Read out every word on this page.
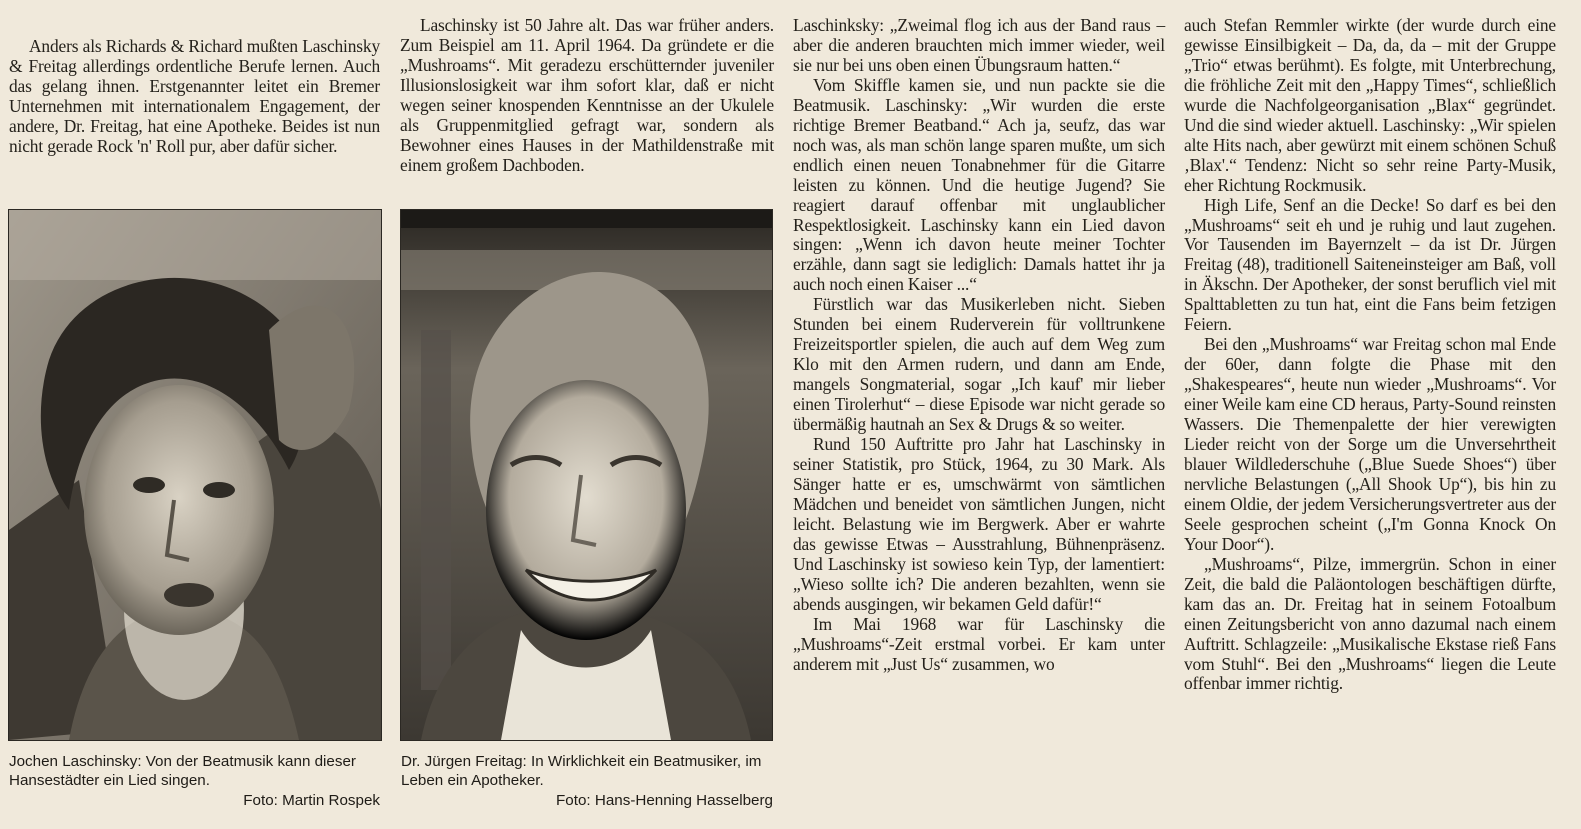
Anders als Richards & Richard mußten Laschinsky & Freitag allerdings ordentliche Berufe lernen. Auch das gelang ihnen. Erstgenannter leitet ein Bremer Unternehmen mit internationalem Engagement, der andere, Dr. Freitag, hat eine Apotheke. Beides ist nun nicht gerade Rock 'n' Roll pur, aber dafür sicher.

Laschinsky ist 50 Jahre alt. Das war früher anders. Zum Beispiel am 11. April 1964. Da gründete er die „Mushroams“. Mit geradezu erschütternder juveniler Illusionslosigkeit war ihm sofort klar, daß er nicht wegen seiner knospenden Kenntnisse an der Ukulele als Gruppenmitglied gefragt war, sondern als Bewohner eines Hauses in der Mathildenstraße mit einem großem Dachboden.

Jochen Laschinsky: Von der Beatmusik kann dieser Hansestädter ein Lied singen.
Foto: Martin Rospek
Dr. Jürgen Freitag: In Wirklichkeit ein Beatmusiker, im Leben ein Apotheker.
Foto: Hans-Henning Hasselberg

Laschinksky: „Zweimal flog ich aus der Band raus – aber die anderen brauchten mich immer wieder, weil sie nur bei uns oben einen Übungsraum hatten.“

Vom Skiffle kamen sie, und nun packte sie die Beatmusik. Laschinsky: „Wir wurden die erste richtige Bremer Beatband.“ Ach ja, seufz, das war noch was, als man schön lange sparen mußte, um sich endlich einen neuen Tonabnehmer für die Gitarre leisten zu können. Und die heutige Jugend? Sie reagiert darauf offenbar mit unglaublicher Respektlosigkeit. Laschinsky kann ein Lied davon singen: „Wenn ich davon heute meiner Tochter erzähle, dann sagt sie lediglich: Damals hattet ihr ja auch noch einen Kaiser ...“

Fürstlich war das Musikerleben nicht. Sieben Stunden bei einem Ruderverein für volltrunkene Freizeitsportler spielen, die auch auf dem Weg zum Klo mit den Armen rudern, und dann am Ende, mangels Songmaterial, sogar „Ich kauf' mir lieber einen Tirolerhut“ – diese Episode war nicht gerade so übermäßig hautnah an Sex & Drugs & so weiter.

Rund 150 Auftritte pro Jahr hat Laschinsky in seiner Statistik, pro Stück, 1964, zu 30 Mark. Als Sänger hatte er es, umschwärmt von sämtlichen Mädchen und beneidet von sämtlichen Jungen, nicht leicht. Belastung wie im Bergwerk. Aber er wahrte das gewisse Etwas – Ausstrahlung, Bühnenpräsenz. Und Laschinsky ist sowieso kein Typ, der lamentiert: „Wieso sollte ich? Die anderen bezahlten, wenn sie abends ausgingen, wir bekamen Geld dafür!“

Im Mai 1968 war für Laschinsky die „Mushroams“-Zeit erstmal vorbei. Er kam unter anderem mit „Just Us“ zusammen, wo

auch Stefan Remmler wirkte (der wurde durch eine gewisse Einsilbigkeit – Da, da, da – mit der Gruppe „Trio“ etwas berühmt). Es folgte, mit Unterbrechung, die fröhliche Zeit mit den „Happy Times“, schließlich wurde die Nachfolgeorganisation „Blax“ gegründet. Und die sind wieder aktuell. Laschinsky: „Wir spielen alte Hits nach, aber gewürzt mit einem schönen Schuß ‚Blax'.“ Tendenz: Nicht so sehr reine Party-Musik, eher Richtung Rockmusik.

High Life, Senf an die Decke! So darf es bei den „Mushroams“ seit eh und je ruhig und laut zugehen. Vor Tausenden im Bayernzelt – da ist Dr. Jürgen Freitag (48), traditionell Saiteneinsteiger am Baß, voll in Äkschn. Der Apotheker, der sonst beruflich viel mit Spalttabletten zu tun hat, eint die Fans beim fetzigen Feiern.

Bei den „Mushroams“ war Freitag schon mal Ende der 60er, dann folgte die Phase mit den „Shakespeares“, heute nun wieder „Mushroams“. Vor einer Weile kam eine CD heraus, Party-Sound reinsten Wassers. Die Themenpalette der hier verewigten Lieder reicht von der Sorge um die Unversehrtheit blauer Wildlederschuhe („Blue Suede Shoes“) über nervliche Belastungen („All Shook Up“), bis hin zu einem Oldie, der jedem Versicherungsvertreter aus der Seele gesprochen scheint („I'm Gonna Knock On Your Door“).

„Mushroams“, Pilze, immergrün. Schon in einer Zeit, die bald die Paläontologen beschäftigen dürfte, kam das an. Dr. Freitag hat in seinem Fotoalbum einen Zeitungsbericht von anno dazumal nach einem Auftritt. Schlagzeile: „Musikalische Ekstase rieß Fans vom Stuhl“. Bei den „Mushroams“ liegen die Leute offenbar immer richtig.
